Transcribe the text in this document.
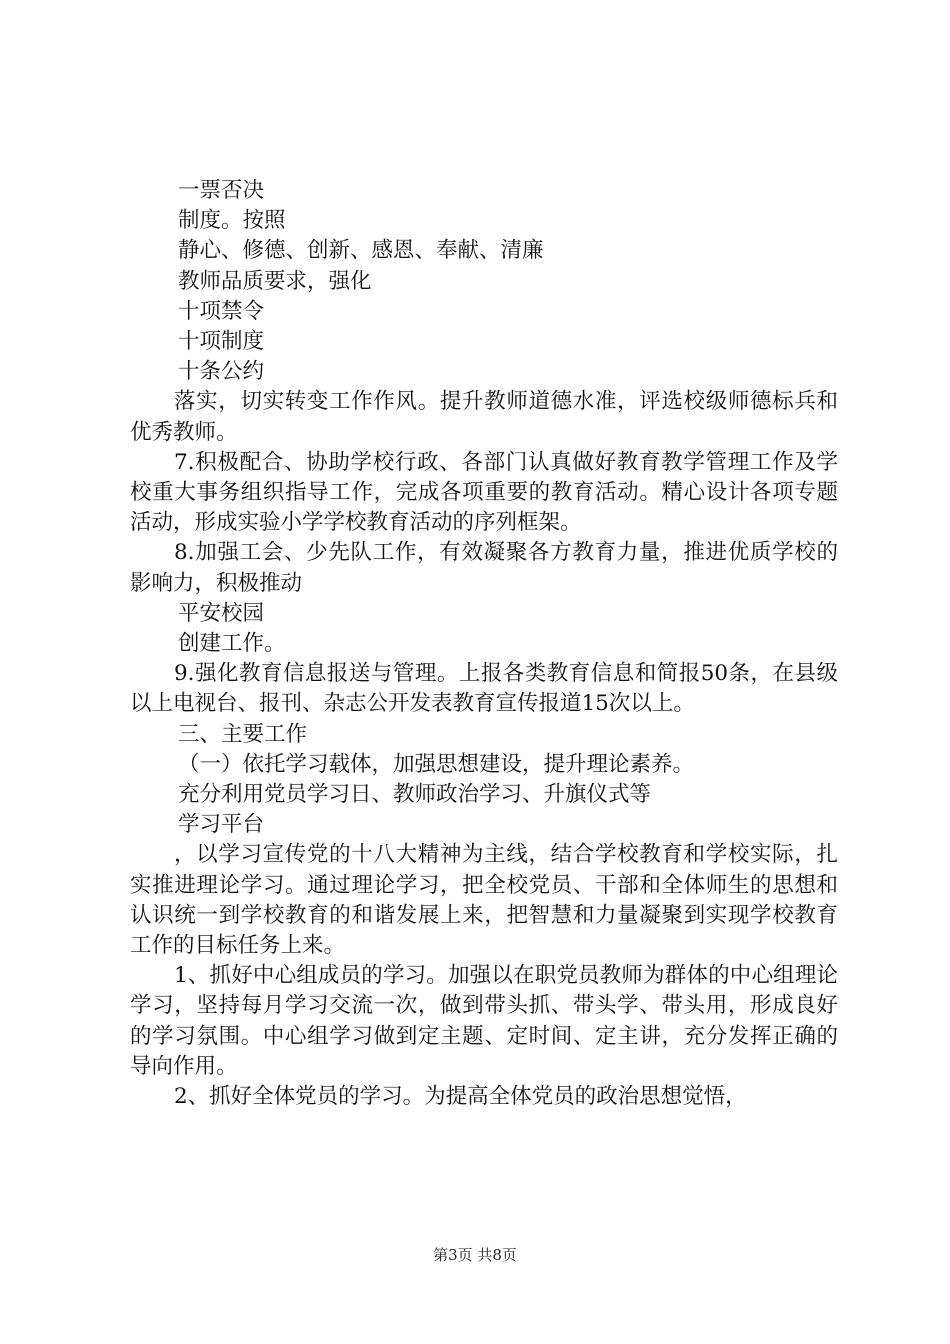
一票否决
制度。按照
静心、修德、创新、感恩、奉献、清廉
教师品质要求，强化
十项禁令
十项制度
十条公约

落实，切实转变工作作风。提升教师道德水准，评选校级师德标兵和优秀教师。

7.积极配合、协助学校行政、各部门认真做好教育教学管理工作及学校重大事务组织指导工作，完成各项重要的教育活动。精心设计各项专题活动，形成实验小学学校教育活动的序列框架。

8.加强工会、少先队工作，有效凝聚各方教育力量，推进优质学校的影响力，积极推动

平安校园
创建工作。

9.强化教育信息报送与管理。上报各类教育信息和简报50条，在县级以上电视台、报刊、杂志公开发表教育宣传报道15次以上。

三、主要工作
（一）依托学习载体，加强思想建设，提升理论素养。
充分利用党员学习日、教师政治学习、升旗仪式等
学习平台

，以学习宣传党的十八大精神为主线，结合学校教育和学校实际，扎实推进理论学习。通过理论学习，把全校党员、干部和全体师生的思想和认识统一到学校教育的和谐发展上来，把智慧和力量凝聚到实现学校教育工作的目标任务上来。

1、抓好中心组成员的学习。加强以在职党员教师为群体的中心组理论学习，坚持每月学习交流一次，做到带头抓、带头学、带头用，形成良好的学习氛围。中心组学习做到定主题、定时间、定主讲，充分发挥正确的导向作用。

2、抓好全体党员的学习。为提高全体党员的政治思想觉悟，

第3页 共8页
